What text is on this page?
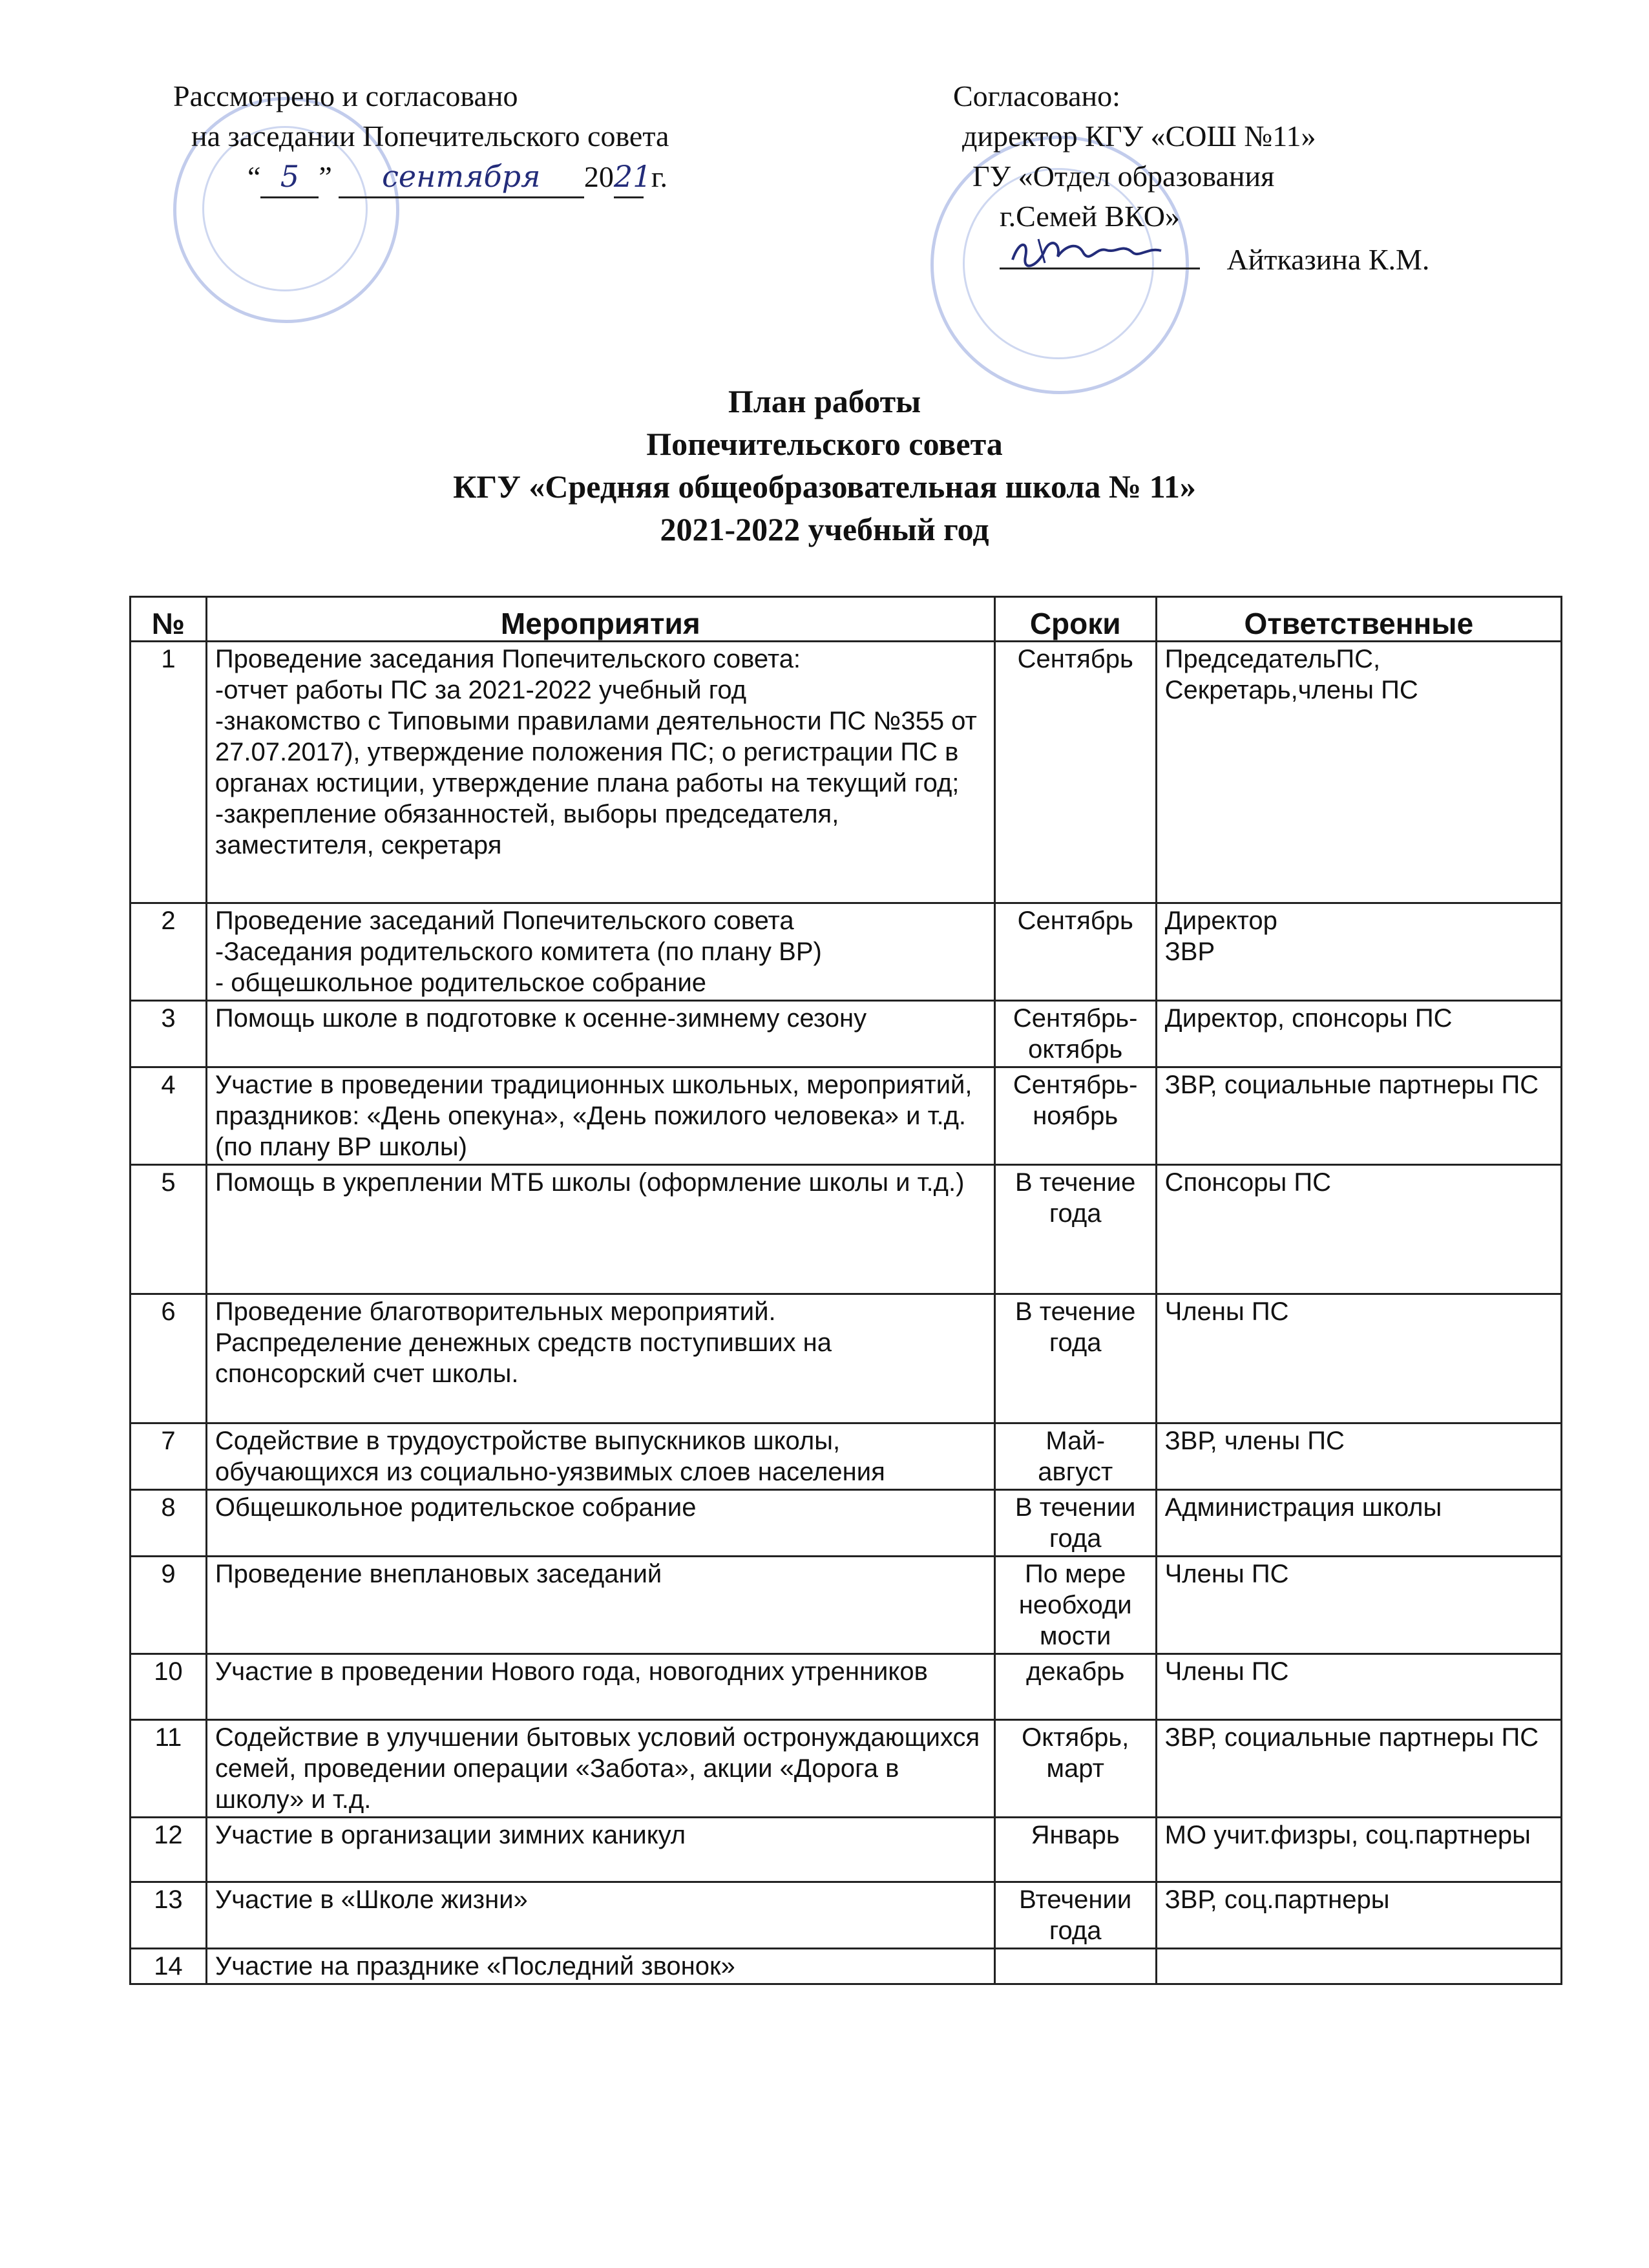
Рассмотрено и согласовано
на заседании Попечительского совета
“ 5 ”	сентября	20 21 г.
Согласовано:
директор КГУ «СОШ №11»
ГУ «Отдел образования
г.Семей ВКО»
Айтказина К.М.
План работы
Попечительского совета
КГУ «Средняя общеобразовательная школа № 11»
2021-2022 учебный год
№	Мероприятия	Сроки	Ответственные
1	Проведение заседания Попечительского совета:
-отчет работы ПС за 2021-2022 учебный год
-знакомство с Типовыми правилами деятельности ПС №355 от 27.07.2017), утверждение положения ПС; о регистрации ПС в органах юстиции, утверждение плана работы на текущий год;
-закрепление обязанностей, выборы председателя, заместителя, секретаря	Сентябрь	ПредседательПС,
Секретарь,члены ПС
2	Проведение заседаний Попечительского совета
-Заседания родительского комитета (по плану ВР)
- общешкольное родительское собрание	Сентябрь	Директор
ЗВР
3	Помощь школе в подготовке к осенне-зимнему сезону	Сентябрь-
октябрь	Директор, спонсоры ПС
4	Участие в проведении традиционных школьных, мероприятий, праздников: «День опекуна», «День пожилого человека» и т.д. (по плану ВР школы)	Сентябрь-
ноябрь	ЗВР, социальные партнеры ПС
5	Помощь в укреплении МТБ школы (оформление школы и т.д.)	В течение
года	Спонсоры ПС
6	Проведение благотворительных мероприятий.
Распределение денежных средств поступивших на спонсорский счет школы.	В течение
года	Члены ПС
7	Содействие в трудоустройстве выпускников школы, обучающихся из социально-уязвимых слоев населения	Май-
август	ЗВР, члены ПС
8	Общешкольное родительское собрание	В течении
года	Администрация школы
9	Проведение внеплановых заседаний	По мере
необходи
мости	Члены ПС
10	Участие в проведении Нового года, новогодних утренников	декабрь	Члены ПС
11	Содействие в улучшении бытовых условий остронуждающихся семей, проведении операции «Забота», акции «Дорога в школу» и т.д.	Октябрь,
март	ЗВР, социальные партнеры ПС
12	Участие в организации зимних каникул	Январь	МО учит.физры, соц.партнеры
13	Участие в «Школе жизни»	Втечении
года	ЗВР, соц.партнеры
14	Участие на празднике «Последний звонок»		
